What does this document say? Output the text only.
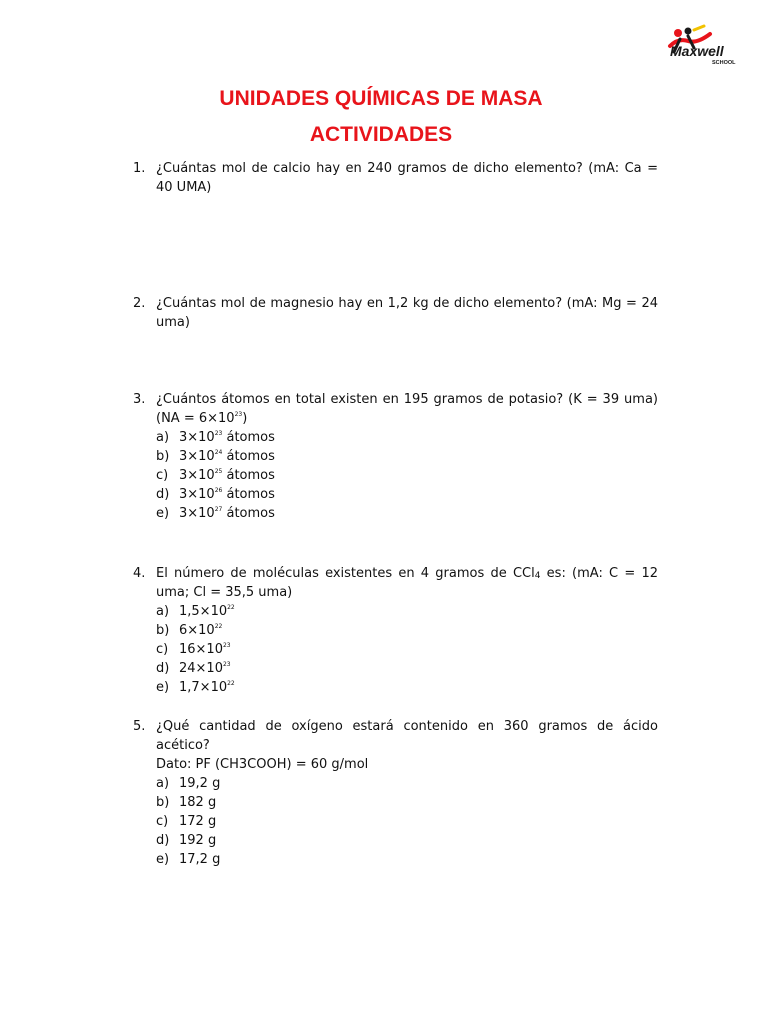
Maxwell
SCHOOL
UNIDADES QUÍMICAS DE MASA
ACTIVIDADES
1. ¿Cuántas mol de calcio hay en 240 gramos de dicho elemento? (mA: Ca = 40 UMA)
2. ¿Cuántas mol de magnesio hay en 1,2 kg de dicho elemento? (mA: Mg = 24 uma)
3. ¿Cuántos átomos en total existen en 195 gramos de potasio? (K = 39 uma) $(NA = 6\times 10^{23})$
a) $3\times 10^{23}$ átomos
b) $3\times 10^{24}$ átomos
c) $3\times 10^{25}$ átomos
d) $3\times 10^{26}$ átomos
e) $3\times 10^{27}$ átomos
4. El número de moléculas existentes en 4 gramos de CCl$_4$ es: (mA: C = 12 uma; Cl = 35,5 uma)
a) $1,5\times 10^{22}$
b) $6\times 10^{22}$
c) $16\times 10^{23}$
d) $24\times 10^{23}$
e) $1,7\times 10^{22}$
5. ¿Qué cantidad de oxígeno estará contenido en 360 gramos de ácido acético?
Dato: PF (CH3COOH) = 60 g/mol
a) 19,2 g
b) 182 g
c) 172 g
d) 192 g
e) 17,2 g
